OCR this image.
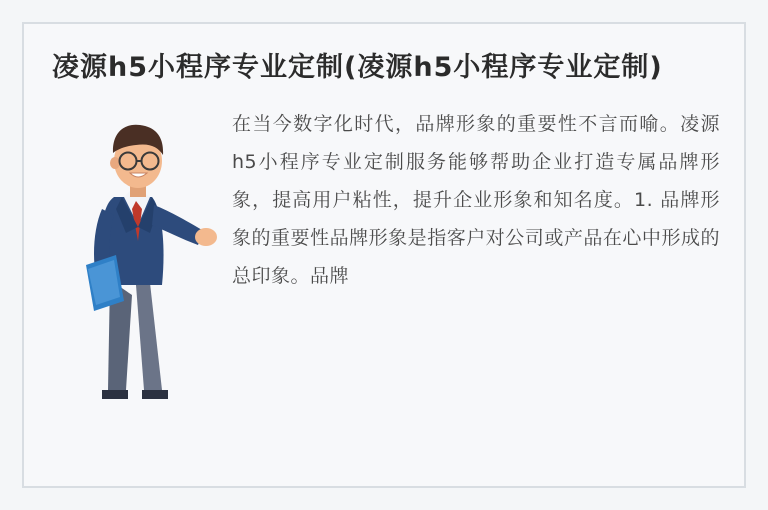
凌源h5小程序专业定制(凌源h5小程序专业定制)
在当今数字化时代，品牌形象的重要性不言而喻。凌源h5小程序专业定制服务能够帮助企业打造专属品牌形象，提高用户粘性，提升企业形象和知名度。1. 品牌形象的重要性品牌形象是指客户对公司或产品在心中形成的总印象。品牌
